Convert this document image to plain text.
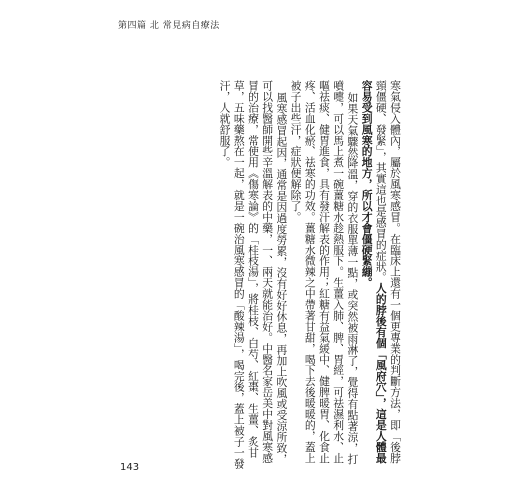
第四篇 北 常見病自療法

寒氣侵入體內，屬於風寒感冒。在臨床上還有一個更專業的判斷方法，即「後脖頸僵硬、發緊」，其實這也是感冒的症狀。人的脖後有個「風府穴」，這是人體最容易受到風寒的地方，所以才會僵硬緊繃。

如果天氣驟然降溫，穿的衣服單薄一點，或突然被雨淋了，覺得有點著涼，打噴嚏，可以馬上煮一碗薑糖水趁熱服下。生薑入肺、脾、胃經，可祛濕利水、止嘔祛痰、健胃進食，具有發汗解表的作用；紅糖有益氣緩中、健脾暖胃、化食止疼、活血化瘀、祛寒的功效。薑糖水微辣之中帶著甘甜，喝下去後暖暖的，蓋上被子出些汗，症狀便解除了。

風寒感冒起因，通常是因過度勞累，沒有好好休息，再加上吹風或受涼所致，可以找醫師開些辛溫解表的中藥，一、兩天就能治好。中醫名家岳美中對風寒感冒的治療，常使用《傷寒論》的「桂枝湯」，將桂枝、白芍、紅棗、生薑、炙甘草，五味藥熬在一起，就是一碗治風寒感冒的「酸辣湯」，喝完後，蓋上被子一發汗，人就舒服了。

143
